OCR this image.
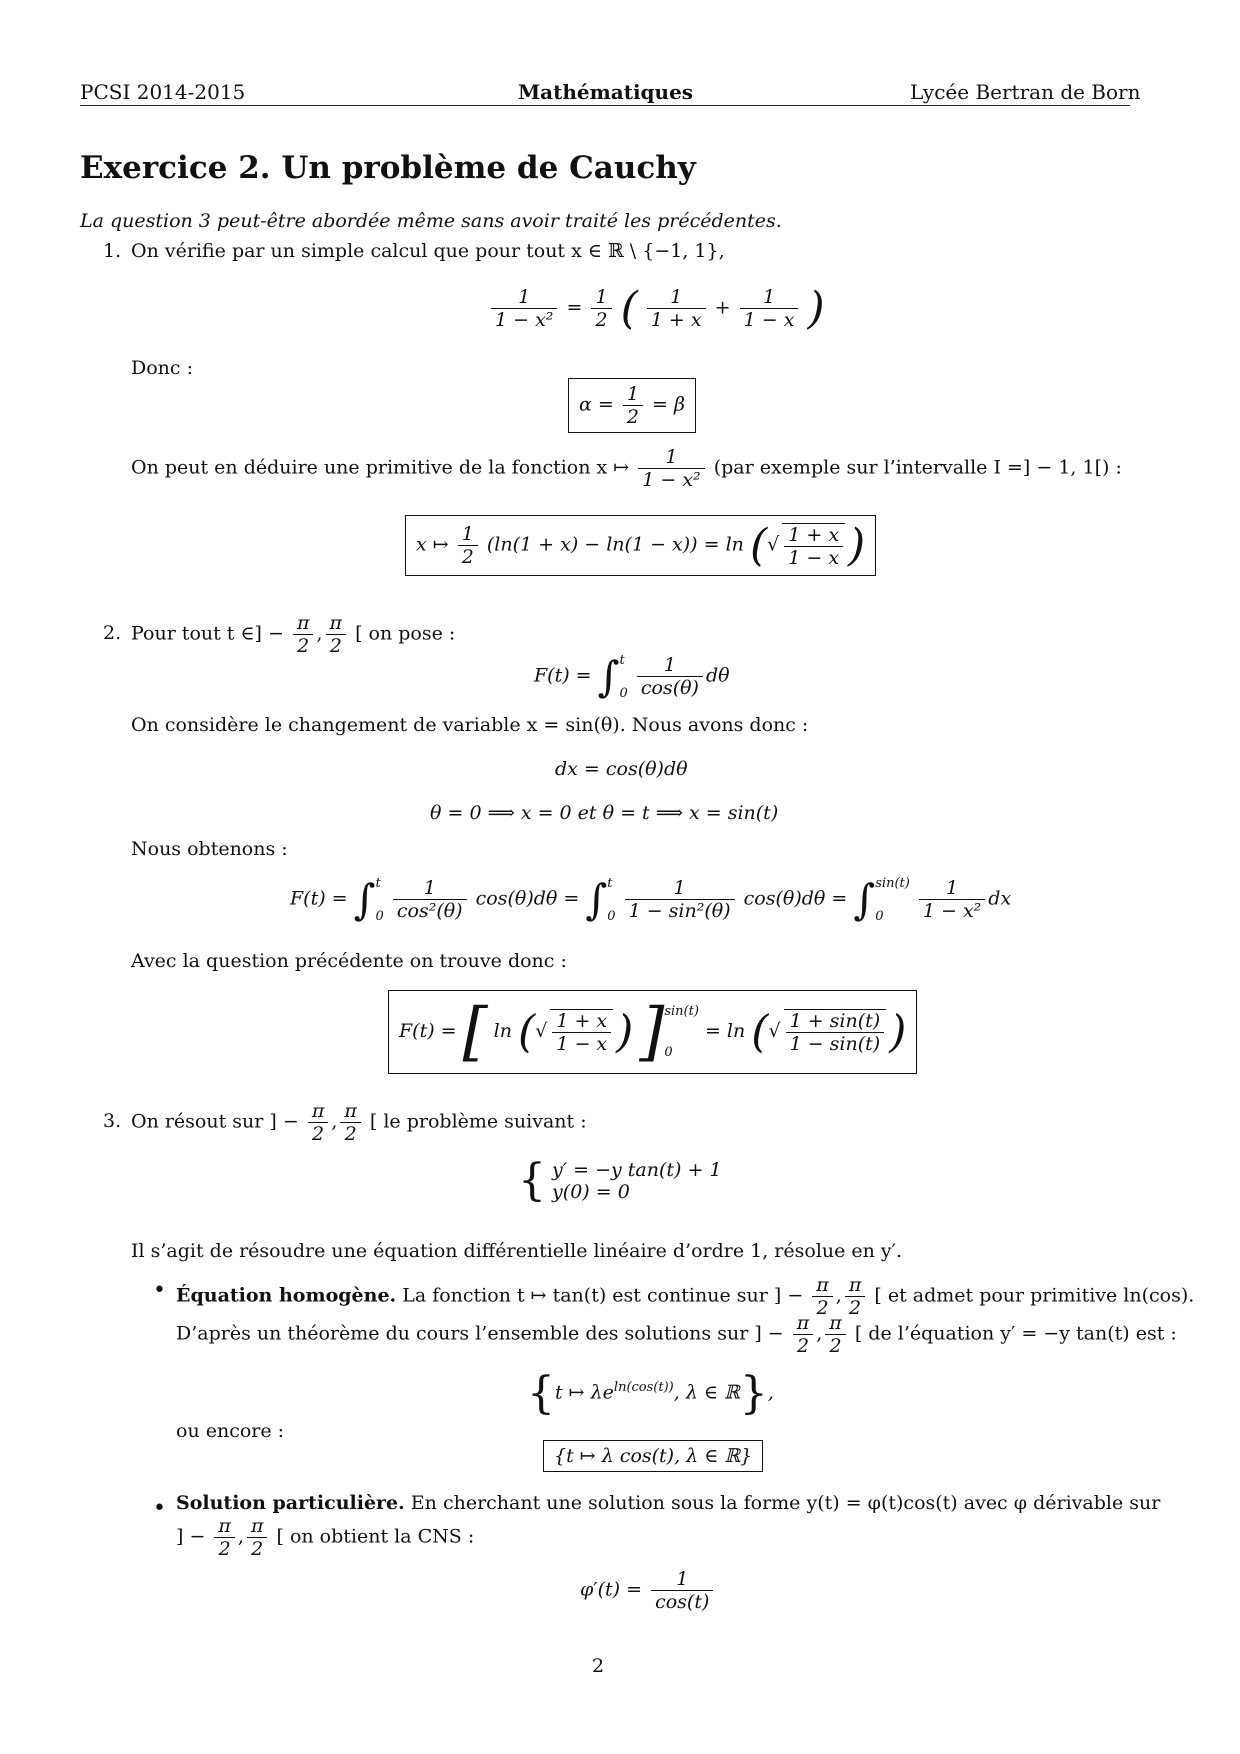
PCSI 2014-2015	Mathématiques	Lycée Bertran de Born
Exercice 2. Un problème de Cauchy
La question 3 peut-être abordée même sans avoir traité les précédentes.
1. On vérifie par un simple calcul que pour tout x ∈ ℝ \ {−1, 1},
$\frac{1}{\text{1 − x²}} = \frac{1}{2}$ ( $\frac{1}{1 + x} + \frac{1}{1 - x}$ )
Donc :
$\alpha = \frac{1}{2} = \beta$
On peut en déduire une primitive de la fonction x ↦ $\frac{1}{\text{1 − x²}} (par$ exemple sur l’intervalle I =] − 1, 1[) :
x ↦ $\frac{1}{2} (\ln(1 + x) - \ln(1 - x)) = \ln$ (√ $\frac{1 + x}{1 - x}$ )
2. Pour tout t ∈] − $\frac{\pi}{2}$ , $\frac{\pi}{2}$ [ on pose :
F(t) = ∫ t
0
$\frac{1}{\cos(\theta)}$ dθ
On considère le changement de variable x = sin(θ). Nous avons donc :
dx = cos(θ)dθ
θ = 0 ⟹ x = 0 et θ = t ⟹ x = sin(t)
Nous obtenons :
F(t) = ∫ t
0
$\frac{1}{\text{cos²(θ)}} \cos(\theta)d\theta$ = ∫ t
0
$\frac{1}{\text{1 − sin²(θ)}} \cos(\theta)d\theta$ = ∫ sin(t)
0
	$\frac{1}{\text{1 − x²}}$ dx
Avec la question précédente on trouve donc :
F(t) = [ ln (√ $\frac{1 + x}{1 - x}$ ) ] sin(t)
0
= ln (√ $\frac{1 + \sin(t)}{1 - \sin(t)}$ )
3. On résout sur ] − $\frac{\pi}{2}$ , $\frac{\pi}{2}$ [ le problème suivant :
{ y′ = −y tan(t) + 1
y(0) = 0
Il s’agit de résoudre une équation différentielle linéaire d’ordre 1, résolue en y′.
• Équation homogène. La fonction t ↦ tan(t) est continue sur ] − $\frac{\pi}{2}$ , $\frac{\pi}{2}$ [ et admet pour primitive ln(cos).
D’après un théorème du cours l’ensemble des solutions sur ] − $\frac{\pi}{2}$ , $\frac{\pi}{2}$ [ de l’équation y′ = −y tan(t) est :
{t ↦ $\lambda e^{ln(cos(t))}$, λ ∈ ℝ},
ou encore :
{t ↦ λ cos(t), λ ∈ ℝ}
• Solution particulière. En cherchant une solution sous la forme y(t) = φ(t)cos(t) avec φ dérivable sur
] − $\frac{\pi}{2}$ , $\frac{\pi}{2}$ [ on obtient la CNS :
$\varphi'(t) = \frac{1}{\cos(t)}$
2
